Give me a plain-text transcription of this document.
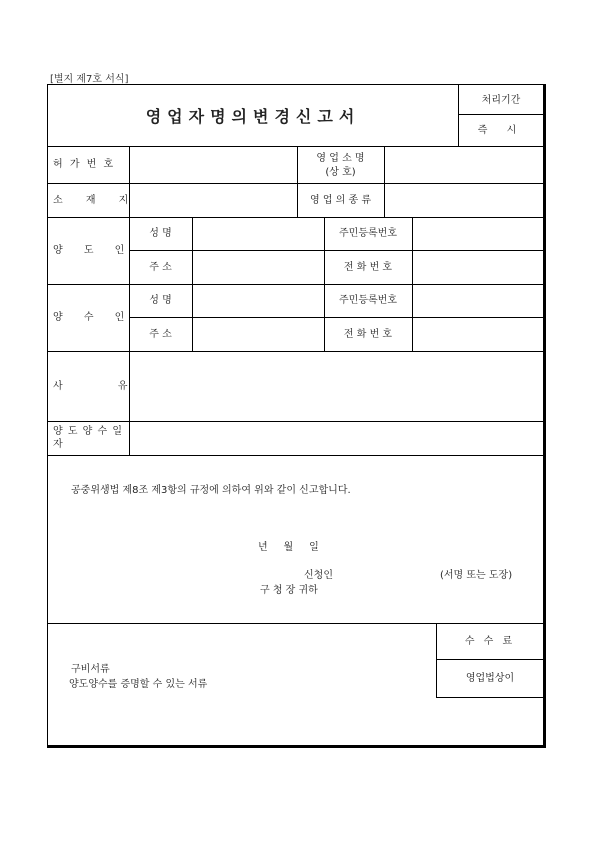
[별지 제7호 서식]
영업자명의변경신고서
처리기간
즉 시
허 가 번 호
영 업 소 명
(상 호)
소 재 지	영 업 의 종 류
양 도 인
성 명
주 소
주민등록번호
전 화 번 호
양 수 인
성 명
주 소
주민등록번호
전 화 번 호
사 유
양 도 양 수 일 자
공중위생법 제8조 제3항의 규정에 의하여 위와 같이 신고합니다.
년     월     일
신청인	(서명 또는 도장)
구 청 장 귀하
구비서류
양도양수를 증명할 수 있는 서류
수 수 료
영업법상이
